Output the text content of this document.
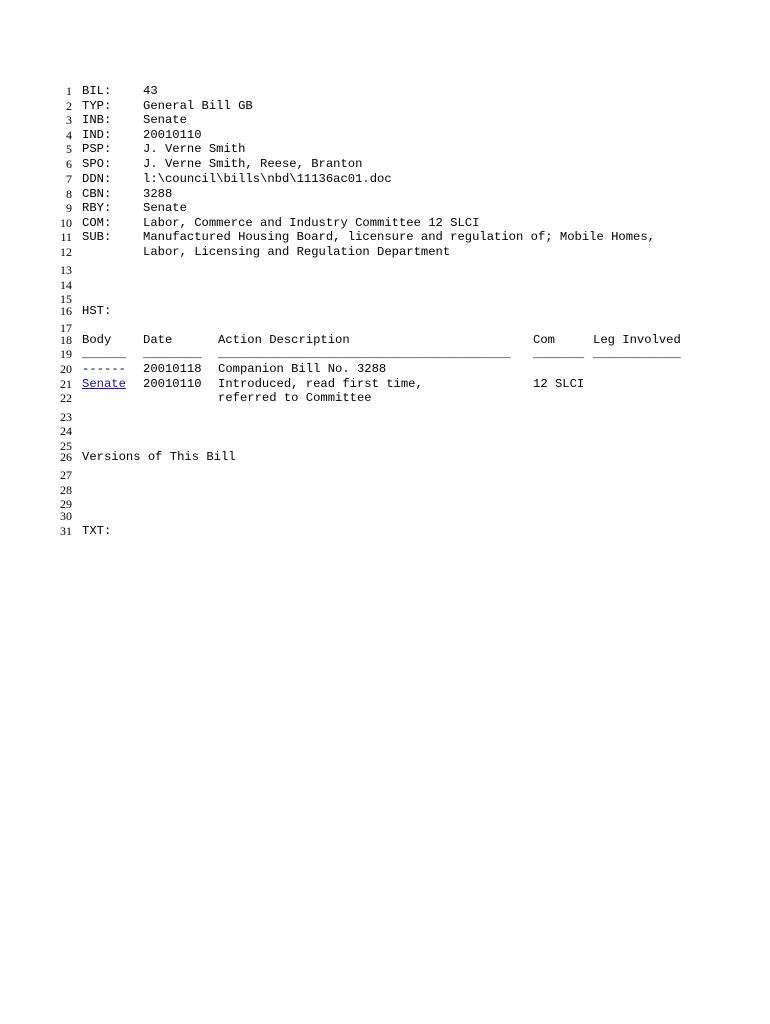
1 BIL:	43
2 TYP:	General Bill GB
3 INB:	Senate
4 IND:	20010110
5 PSP:	J. Verne Smith
6 SPO:	J. Verne Smith, Reese, Branton
7 DDN:	l:\council\bills\nbd\11136ac01.doc
8 CBN:	3288
9 RBY:	Senate
10 COM:	Labor, Commerce and Industry Committee 12 SLCI
11 SUB:	Manufactured Housing Board, licensure and regulation of; Mobile Homes,
12	Labor, Licensing and Regulation Department
13
14
15
16 HST:
17
18 Body	Date	Action Description	Com	Leg Involved
19 ______ ________ ________________________________________ _______ ____________
20 ------ 20010118 Companion Bill No. 3288
21 Senate 20010110 Introduced, read first time,	12 SLCI
22	referred to Committee
23
24
25
26 Versions of This Bill
27
28
29
30
31 TXT:
